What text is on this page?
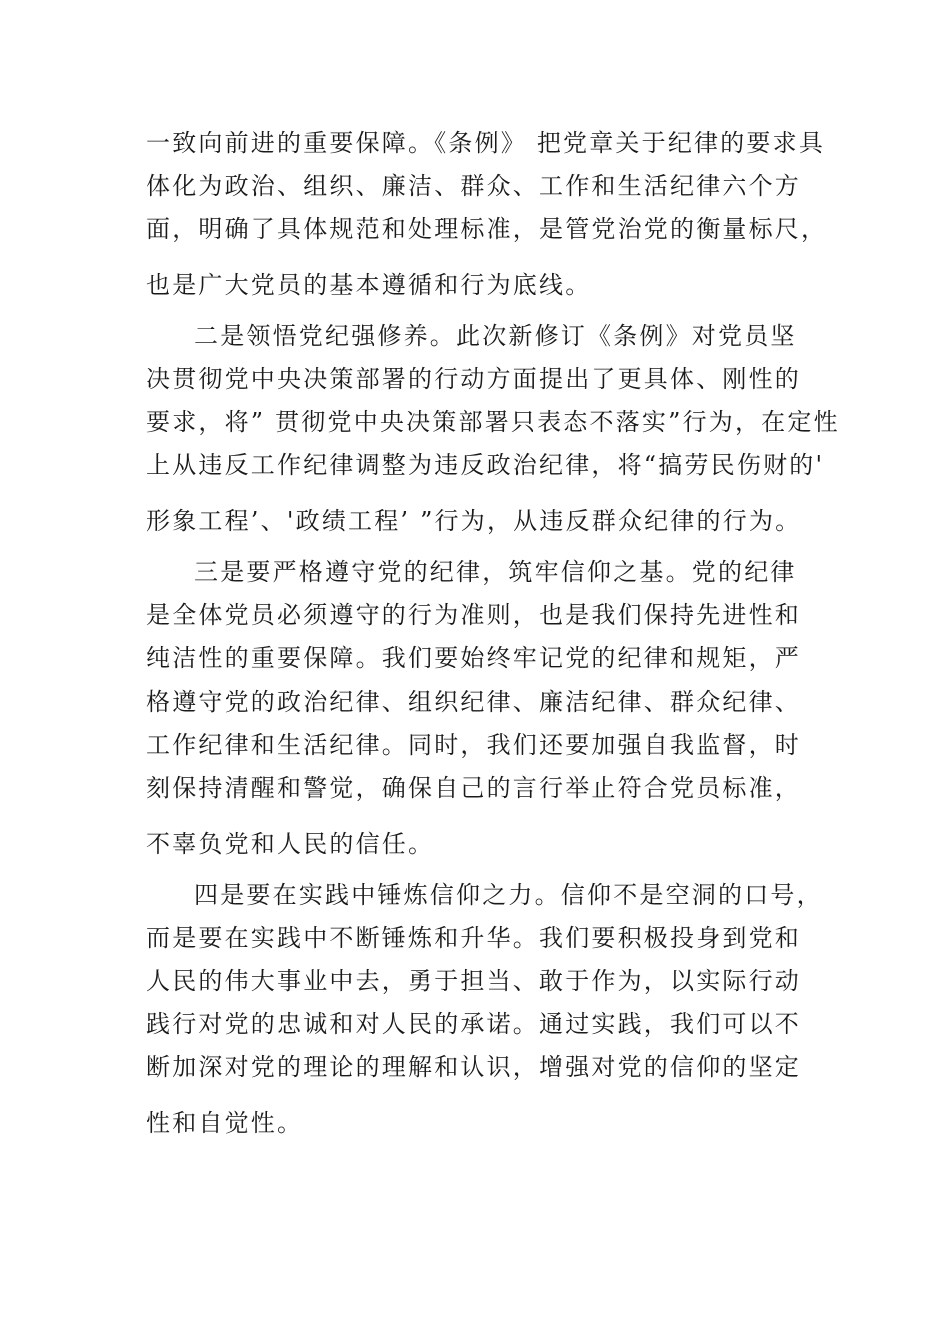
一致向前进的重要保障。《条例》 把党章关于纪律的要求具
体化为政治、组织、廉洁、群众、工作和生活纪律六个方
面，明确了具体规范和处理标准，是管党治党的衡量标尺，
也是广大党员的基本遵循和行为底线。
二是领悟党纪强修养。此次新修订《条例》对党员坚
决贯彻党中央决策部署的行动方面提出了更具体、刚性的
要求，将” 贯彻党中央决策部署只表态不落实”行为，在定性
上从违反工作纪律调整为违反政治纪律，将“搞劳民伤财的'
形象工程’、'政绩工程’ ”行为，从违反群众纪律的行为。
三是要严格遵守党的纪律，筑牢信仰之基。党的纪律
是全体党员必须遵守的行为准则，也是我们保持先进性和
纯洁性的重要保障。我们要始终牢记党的纪律和规矩，严
格遵守党的政治纪律、组织纪律、廉洁纪律、群众纪律、
工作纪律和生活纪律。同时，我们还要加强自我监督，时
刻保持清醒和警觉，确保自己的言行举止符合党员标准，
不辜负党和人民的信任。
四是要在实践中锤炼信仰之力。信仰不是空洞的口号，
而是要在实践中不断锤炼和升华。我们要积极投身到党和
人民的伟大事业中去，勇于担当、敢于作为，以实际行动
践行对党的忠诚和对人民的承诺。通过实践，我们可以不
断加深对党的理论的理解和认识，增强对党的信仰的坚定
性和自觉性。
